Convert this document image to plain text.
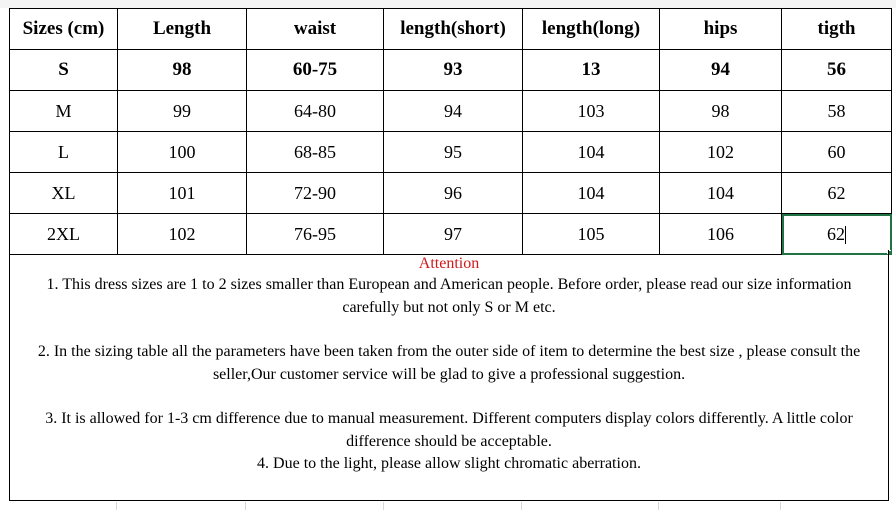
Sizes (cm)	Length	waist	length(short)	length(long)	hips	tigth
S	98	60-75	93	13	94	56
M	99	64-80	94	103	98	58
L	100	68-85	95	104	102	60
XL	101	72-90	96	104	104	62
2XL	102	76-95	97	105	106	62
Attention
1. This dress sizes are 1 to 2 sizes smaller than European and American people. Before order, please read our size information carefully but not only S or M etc.
2. In the sizing table all the parameters have been taken from the outer side of item to determine the best size , please consult the seller,Our customer service will be glad to give a professional suggestion.
3. It is allowed for 1-3 cm difference due to manual measurement. Different computers display colors differently. A little color difference should be acceptable.
4. Due to the light, please allow slight chromatic aberration.
